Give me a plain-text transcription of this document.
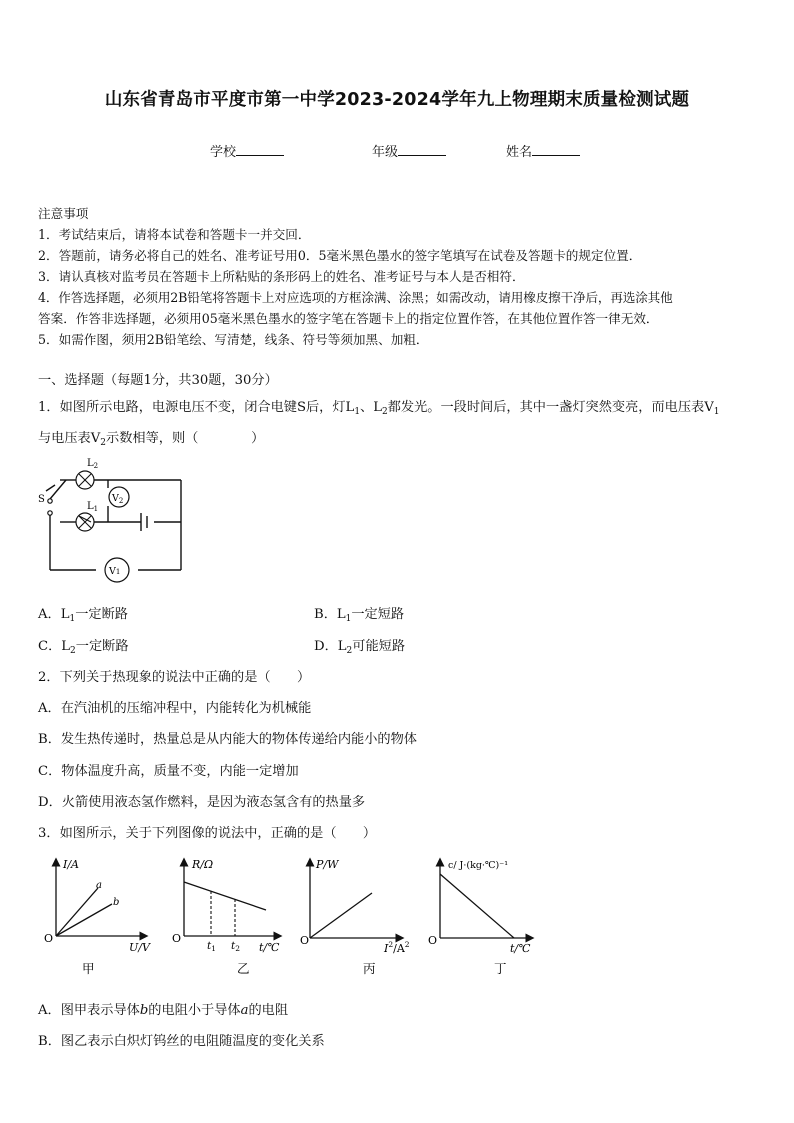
山东省青岛市平度市第一中学2023-2024学年九上物理期末质量检测试题
学校	年级	姓名
注意事项
1．考试结束后，请将本试卷和答题卡一并交回．
2．答题前，请务必将自己的姓名、准考证号用0．5毫米黑色墨水的签字笔填写在试卷及答题卡的规定位置．
3．请认真核对监考员在答题卡上所粘贴的条形码上的姓名、准考证号与本人是否相符．
4．作答选择题，必须用2B铅笔将答题卡上对应选项的方框涂满、涂黑；如需改动，请用橡皮擦干净后，再选涂其他
答案．作答非选择题，必须用05毫米黑色墨水的签字笔在答题卡上的指定位置作答，在其他位置作答一律无效．
5．如需作图，须用2B铅笔绘、写清楚，线条、符号等须加黑、加粗．
一、选择题（每题1分，共30题，30分）
1．如图所示电路，电源电压不变，闭合电键S后，灯$L_1$、$L_2$都发光。一段时间后，其中一盏灯突然变亮，而电压表$V_1$
与电压表$V_2$示数相等，则（　　　　）
$L_2$
$L_1$
S	$V_2$
V1
A．$L_1$一定断路	B．$L_1$一定短路
C．$L_2$一定断路	D．$L_2$可能短路
2．下列关于热现象的说法中正确的是（　　）
A．在汽油机的压缩冲程中，内能转化为机械能
B．发生热传递时，热量总是从内能大的物体传递给内能小的物体
C．物体温度升高，质量不变，内能一定增加
D．火箭使用液态氢作燃料，是因为液态氢含有的热量多
3．如图所示，关于下列图像的说法中，正确的是（　　）
I/A
U/V
O
a
b
甲
R/Ω
t/℃
O
t1 t2
乙
P/W
$I^2/A^2$
O
丙
c/ J·(kg·℃)⁻¹
t/℃
O
丁
A．图甲表示导体b的电阻小于导体a的电阻
B．图乙表示白炽灯钨丝的电阻随温度的变化关系
